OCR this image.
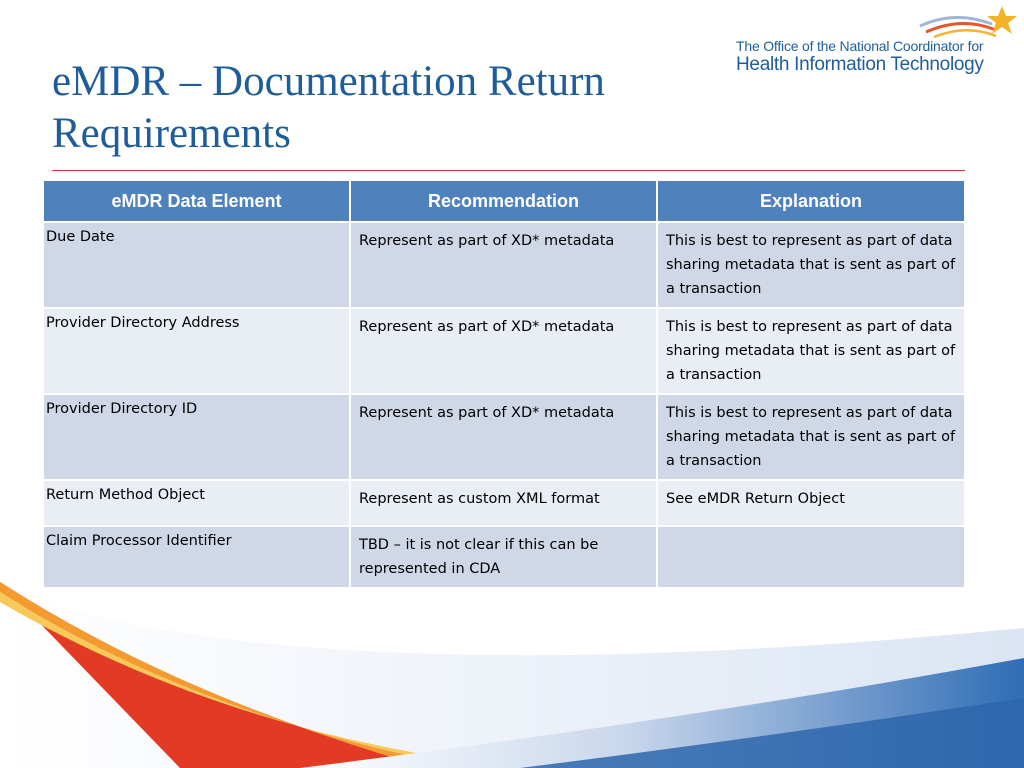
eMDR – Documentation Return Requirements
The Office of the National Coordinator for
Health Information Technology
eMDR Data Element	Recommendation	Explanation
Due Date	Represent as part of XD* metadata	This is best to represent as part of data sharing metadata that is sent as part of a transaction
Provider Directory Address	Represent as part of XD* metadata	This is best to represent as part of data sharing metadata that is sent as part of a transaction
Provider Directory ID	Represent as part of XD* metadata	This is best to represent as part of data sharing metadata that is sent as part of a transaction
Return Method Object	Represent as custom XML format	See eMDR Return Object
Claim Processor Identifier	TBD – it is not clear if this can be represented in CDA	
